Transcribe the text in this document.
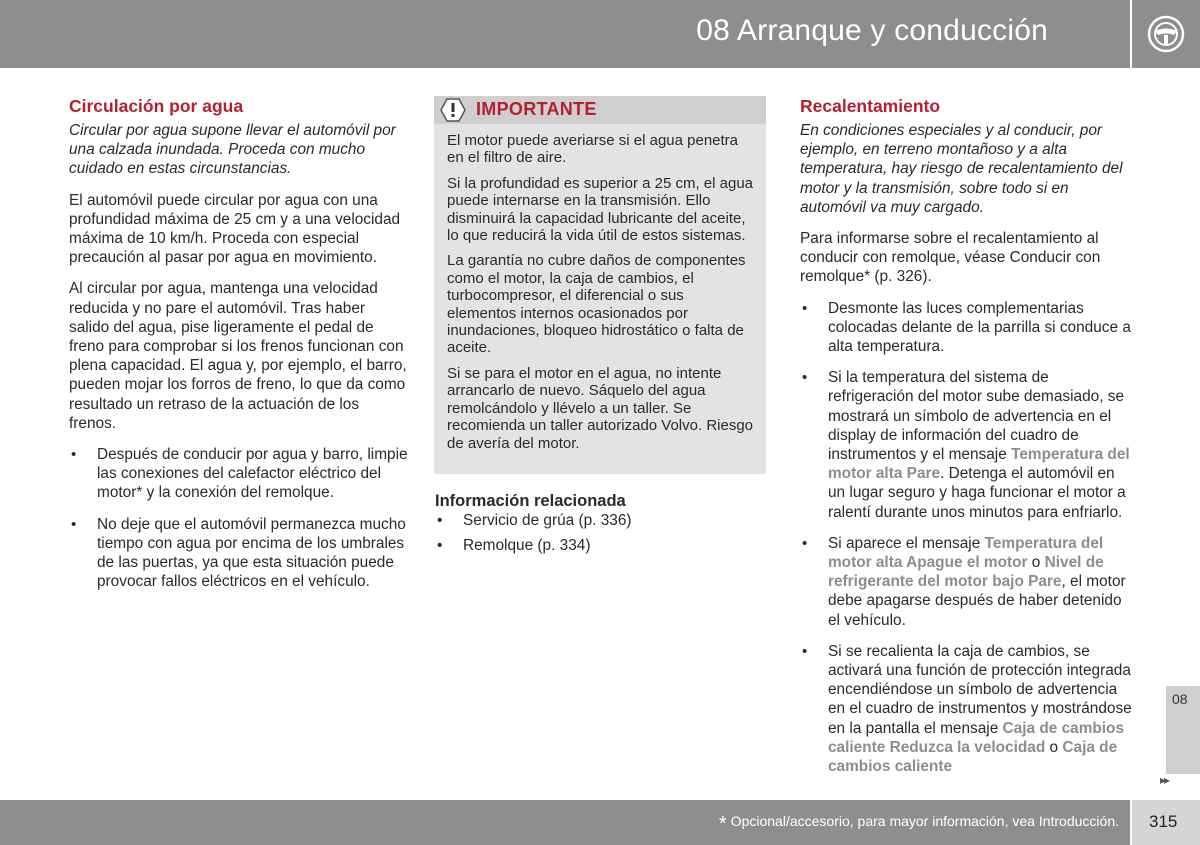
08 Arranque y conducción
Circulación por agua

Circular por agua supone llevar el automóvil por una calzada inundada. Proceda con mucho cuidado en estas circunstancias.

El automóvil puede circular por agua con una profundidad máxima de 25 cm y a una velocidad máxima de 10 km/h. Proceda con especial precaución al pasar por agua en movimiento.

Al circular por agua, mantenga una velocidad reducida y no pare el automóvil. Tras haber salido del agua, pise ligeramente el pedal de freno para comprobar si los frenos funcionan con plena capacidad. El agua y, por ejemplo, el barro, pueden mojar los forros de freno, lo que da como resultado un retraso de la actuación de los frenos.

• Después de conducir por agua y barro, limpie las conexiones del calefactor eléctrico del motor* y la conexión del remolque.
• No deje que el automóvil permanezca mucho tiempo con agua por encima de los umbrales de las puertas, ya que esta situación puede provocar fallos eléctricos en el vehículo.
IMPORTANTE

El motor puede averiarse si el agua penetra en el filtro de aire.

Si la profundidad es superior a 25 cm, el agua puede internarse en la transmisión. Ello disminuirá la capacidad lubricante del aceite, lo que reducirá la vida útil de estos sistemas.

La garantía no cubre daños de componentes como el motor, la caja de cambios, el turbocompresor, el diferencial o sus elementos internos ocasionados por inundaciones, bloqueo hidrostático o falta de aceite.

Si se para el motor en el agua, no intente arrancarlo de nuevo. Sáquelo del agua remolcándolo y llévelo a un taller. Se recomienda un taller autorizado Volvo. Riesgo de avería del motor.

Información relacionada
• Servicio de grúa (p. 336)
• Remolque (p. 334)
Recalentamiento

En condiciones especiales y al conducir, por ejemplo, en terreno montañoso y a alta temperatura, hay riesgo de recalentamiento del motor y la transmisión, sobre todo si en automóvil va muy cargado.

Para informarse sobre el recalentamiento al conducir con remolque, véase Conducir con remolque* (p. 326).

• Desmonte las luces complementarias colocadas delante de la parrilla si conduce a alta temperatura.
• Si la temperatura del sistema de refrigeración del motor sube demasiado, se mostrará un símbolo de advertencia en el display de información del cuadro de instrumentos y el mensaje Temperatura del motor alta Pare. Detenga el automóvil en un lugar seguro y haga funcionar el motor a ralentí durante unos minutos para enfriarlo.
• Si aparece el mensaje Temperatura del motor alta Apague el motor o Nivel de refrigerante del motor bajo Pare, el motor debe apagarse después de haber detenido el vehículo.
• Si se recalienta la caja de cambios, se activará una función de protección integrada encendiéndose un símbolo de advertencia en el cuadro de instrumentos y mostrándose en la pantalla el mensaje Caja de cambios caliente Reduzca la velocidad o Caja de cambios caliente
08
▸▸
* Opcional/accesorio, para mayor información, vea Introducción. 315
